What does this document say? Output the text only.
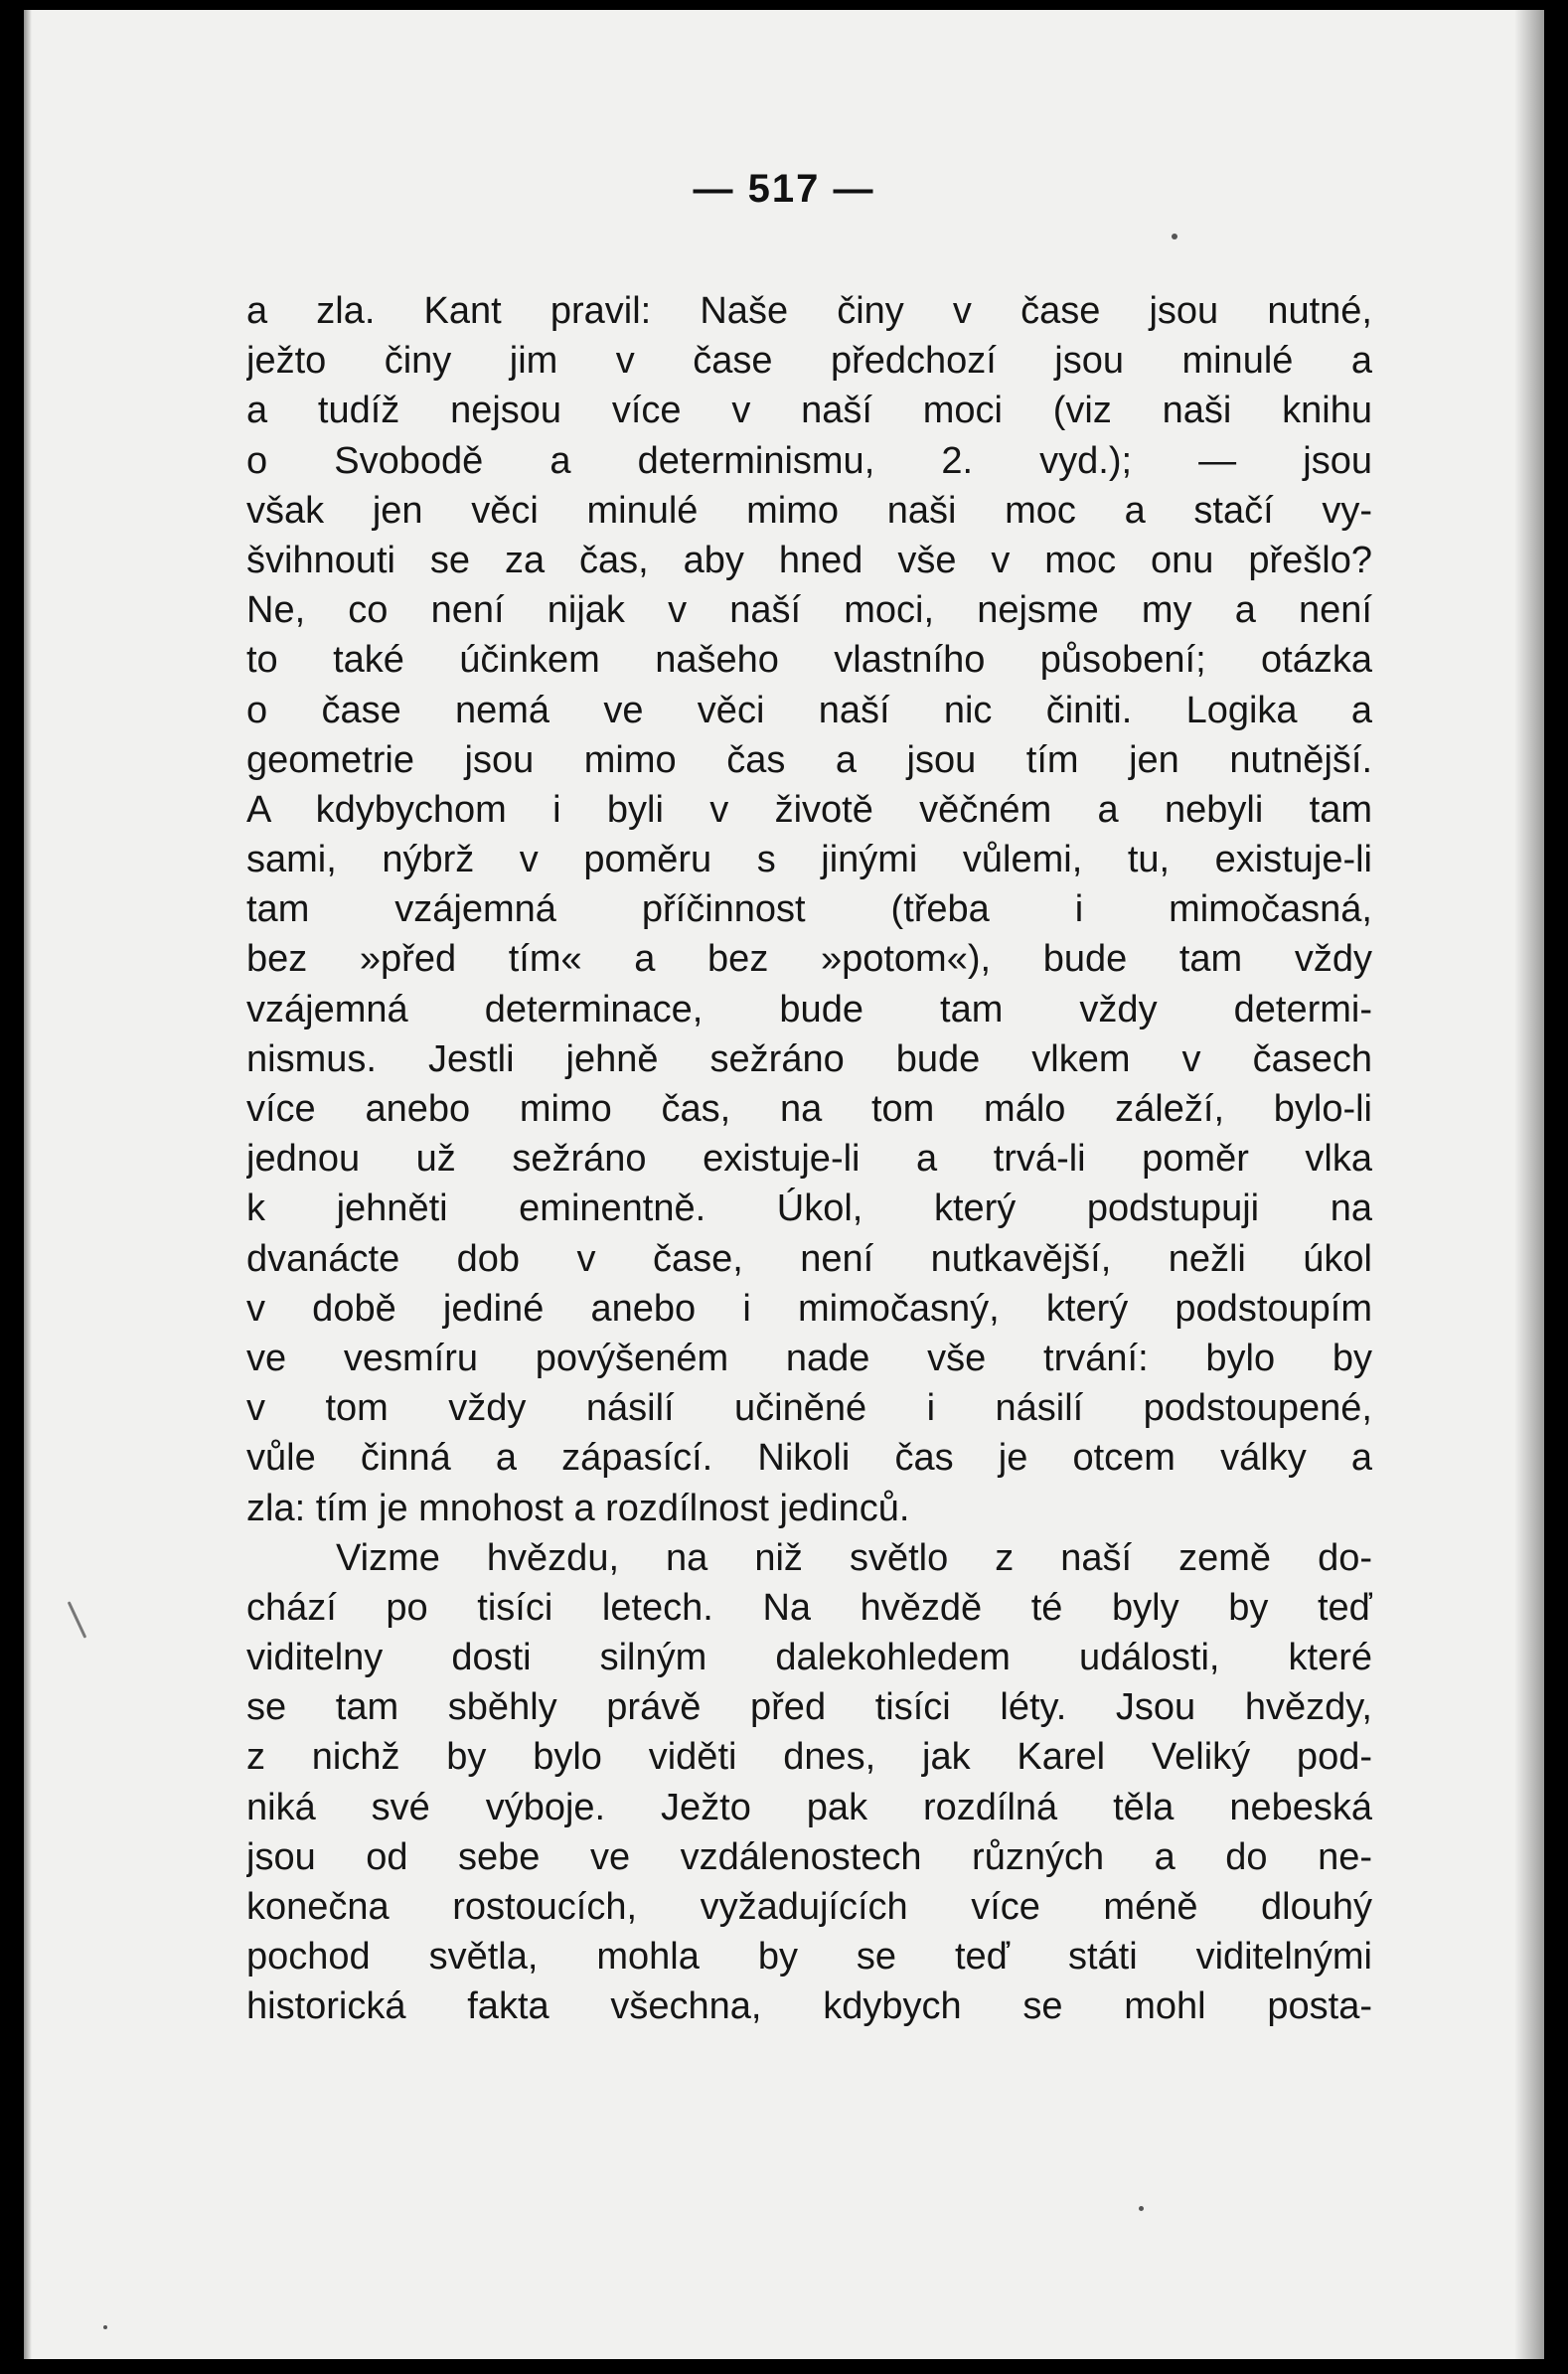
— 517 —
a zla. Kant pravil: Naše činy v čase jsou nutné,
ježto činy jim v čase předchozí jsou minulé a
a tudíž nejsou více v naší moci (viz naši knihu
o Svobodě a determinismu, 2. vyd.); — jsou
však jen věci minulé mimo naši moc a stačí vy-
švihnouti se za čas, aby hned vše v moc onu přešlo?
Ne, co není nijak v naší moci, nejsme my a není
to také účinkem našeho vlastního působení; otázka
o čase nemá ve věci naší nic činiti. Logika a
geometrie jsou mimo čas a jsou tím jen nutnější.
A kdybychom i byli v životě věčném a nebyli tam
sami, nýbrž v poměru s jinými vůlemi, tu, existuje-li
tam vzájemná příčinnost (třeba i mimočasná,
bez »před tím« a bez »potom«), bude tam vždy
vzájemná determinace, bude tam vždy determi-
nismus. Jestli jehně sežráno bude vlkem v časech
více anebo mimo čas, na tom málo záleží, bylo-li
jednou už sežráno existuje-li a trvá-li poměr vlka
k jehněti eminentně. Úkol, který podstupuji na
dvanácte dob v čase, není nutkavější, nežli úkol
v době jediné anebo i mimočasný, který podstoupím
ve vesmíru povýšeném nade vše trvání: bylo by
v tom vždy násilí učiněné i násilí podstoupené,
vůle činná a zápasící. Nikoli čas je otcem války a
zla: tím je mnohost a rozdílnost jedinců.
Vizme hvězdu, na niž světlo z naší země do-
chází po tisíci letech. Na hvězdě té byly by teď
viditelny dosti silným dalekohledem události, které
se tam sběhly právě před tisíci léty. Jsou hvězdy,
z nichž by bylo viděti dnes, jak Karel Veliký pod-
niká své výboje. Ježto pak rozdílná těla nebeská
jsou od sebe ve vzdálenostech různých a do ne-
konečna rostoucích, vyžadujících více méně dlouhý
pochod světla, mohla by se teď státi viditelnými
historická fakta všechna, kdybych se mohl posta-
